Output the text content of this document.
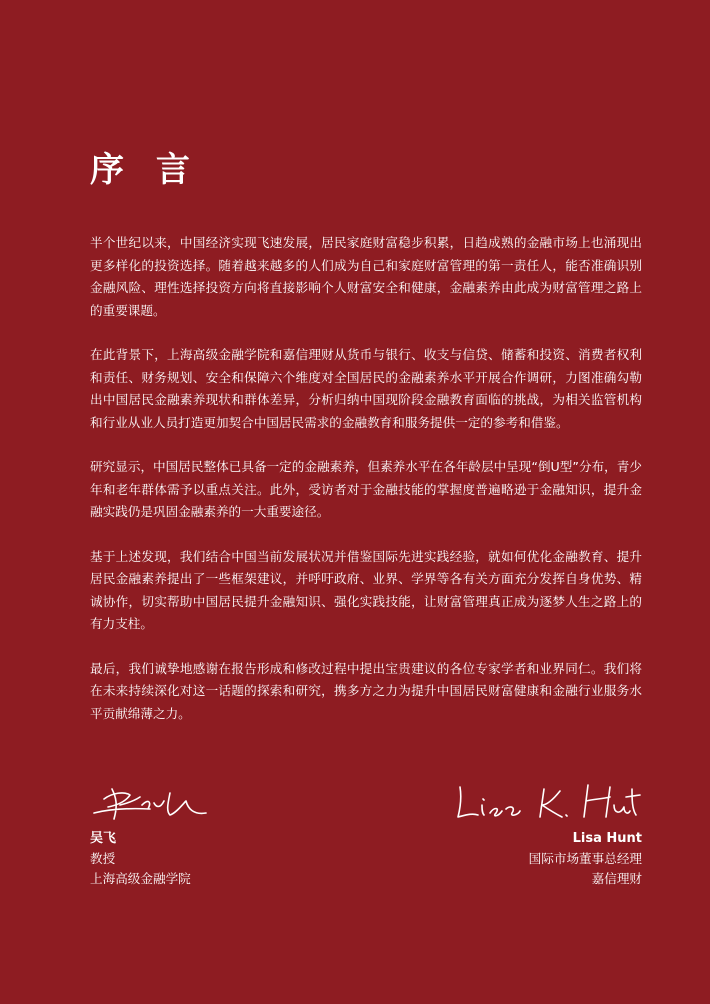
序 言

半个世纪以来，中国经济实现飞速发展，居民家庭财富稳步积累，日趋成熟的金融市场上也涌现出更多样化的投资选择。随着越来越多的人们成为自己和家庭财富管理的第一责任人，能否准确识别金融风险、理性选择投资方向将直接影响个人财富安全和健康，金融素养由此成为财富管理之路上的重要课题。

在此背景下，上海高级金融学院和嘉信理财从货币与银行、收支与信贷、储蓄和投资、消费者权利和责任、财务规划、安全和保障六个维度对全国居民的金融素养水平开展合作调研，力图准确勾勒出中国居民金融素养现状和群体差异，分析归纳中国现阶段金融教育面临的挑战，为相关监管机构和行业从业人员打造更加契合中国居民需求的金融教育和服务提供一定的参考和借鉴。

研究显示，中国居民整体已具备一定的金融素养，但素养水平在各年龄层中呈现“倒U型”分布，青少年和老年群体需予以重点关注。此外，受访者对于金融技能的掌握度普遍略逊于金融知识，提升金融实践仍是巩固金融素养的一大重要途径。

基于上述发现，我们结合中国当前发展状况并借鉴国际先进实践经验，就如何优化金融教育、提升居民金融素养提出了一些框架建议，并呼吁政府、业界、学界等各有关方面充分发挥自身优势、精诚协作，切实帮助中国居民提升金融知识、强化实践技能，让财富管理真正成为逐梦人生之路上的有力支柱。

最后，我们诚挚地感谢在报告形成和修改过程中提出宝贵建议的各位专家学者和业界同仁。我们将在未来持续深化对这一话题的探索和研究，携多方之力为提升中国居民财富健康和金融行业服务水平贡献绵薄之力。

吴飞
教授
上海高级金融学院
Lisa Hunt
国际市场董事总经理
嘉信理财
